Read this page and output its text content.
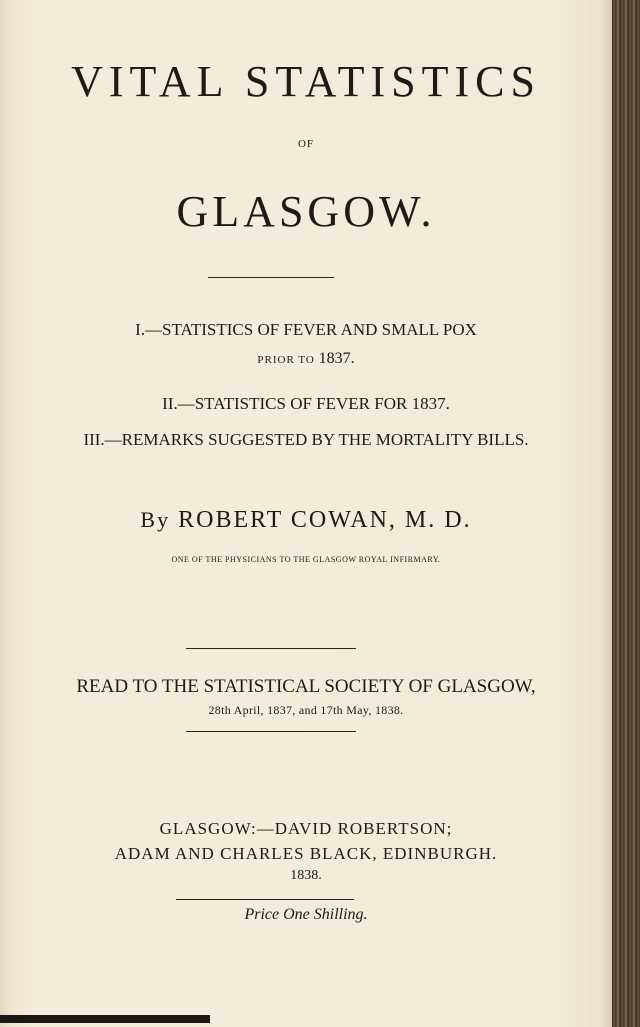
VITAL STATISTICS
OF
GLASGOW.
I.—STATISTICS OF FEVER AND SMALL POX
PRIOR TO 1837.
II.—STATISTICS OF FEVER FOR 1837.
III.—REMARKS SUGGESTED BY THE MORTALITY BILLS.
By ROBERT COWAN, M. D.
ONE OF THE PHYSICIANS TO THE GLASGOW ROYAL INFIRMARY.
READ TO THE STATISTICAL SOCIETY OF GLASGOW,
28th April, 1837, and 17th May, 1838.
GLASGOW:—DAVID ROBERTSON;
ADAM AND CHARLES BLACK, EDINBURGH.
1838.
Price One Shilling.
